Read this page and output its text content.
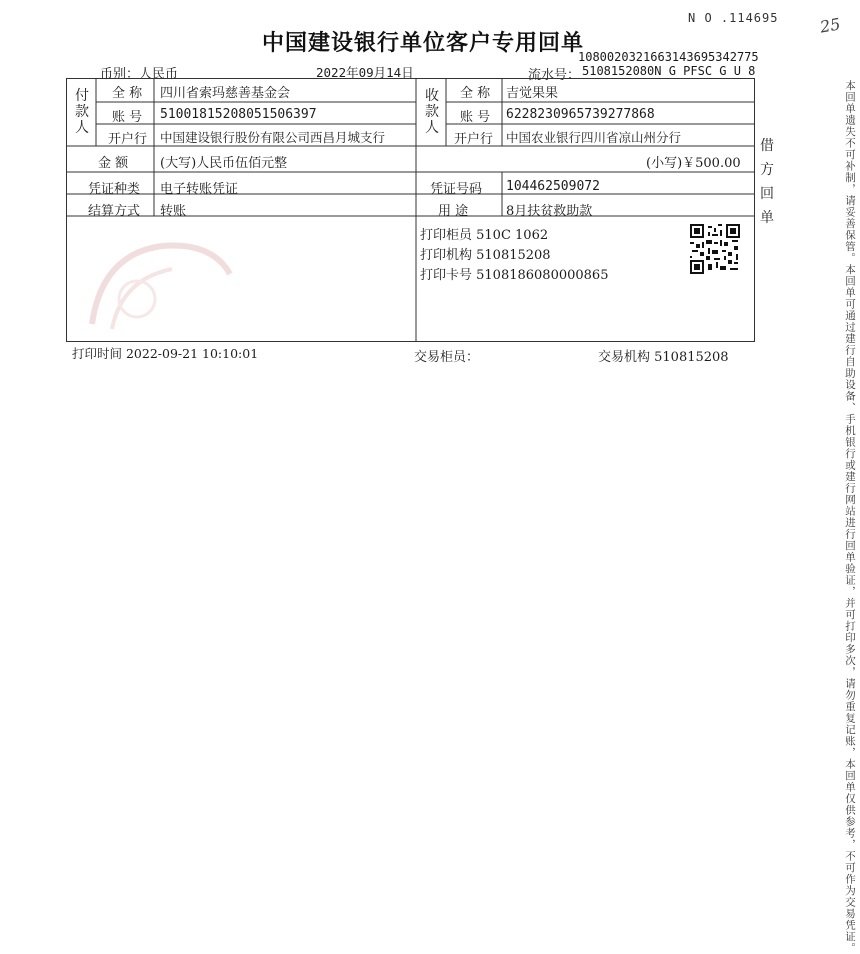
中国建设银行单位客户专用回单
N O .114695	25
币别：人民币	2022年09月14日
108002032166314369534277​5
流水号： 5108152080N G PFSC G U 8
付款人
全 称 四川省索玛慈善基金会
账 号 51001815208051506397
开户行 中国建设银行股份有限公司西昌月城支行
收款人
全 称 吉觉果果
账 号 6228230965739277868
开户行 中国农业银行四川省凉山州分行
金 额 (大写)人民币伍佰元整	(小写)￥500.00
凭证种类 电子转账凭证	凭证号码 104462509072
结算方式 转账	用 途	8月扶贫救助款
打印柜员 510C 1062
打印机构 510815208
打印卡号 5108186080000865
借方回单	本回单遗失不可补制，请妥善保管。本回单可通过建行自助设备、手机银行或建行网站进行回单验证，并可打印多次，请勿重复记账，本回单仅供参考，不可作为交易凭证。
打印时间 2022-09-21 10:10:01	交易柜员：	交易机构 510815208
